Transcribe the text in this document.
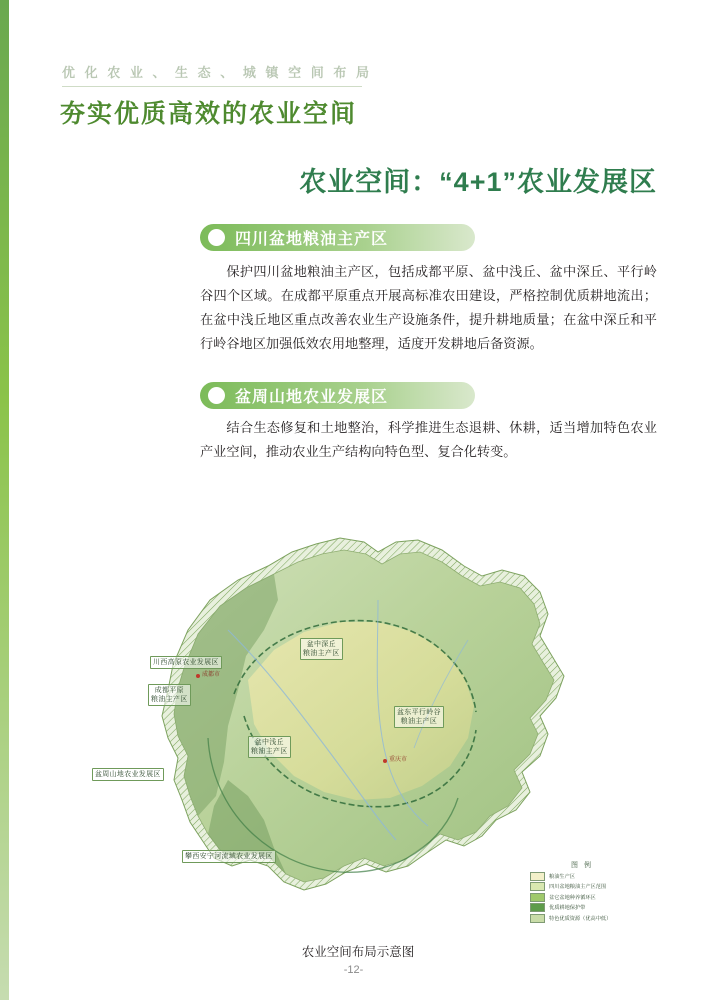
优 化 农 业 、 生 态 、 城 镇 空 间 布 局
夯实优质高效的农业空间
农业空间：“4+1”农业发展区
四川盆地粮油主产区
保护四川盆地粮油主产区，包括成都平原、盆中浅丘、盆中深丘、平行岭谷四个区域。在成都平原重点开展高标准农田建设，严格控制优质耕地流出；在盆中浅丘地区重点改善农业生产设施条件，提升耕地质量；在盆中深丘和平行岭谷地区加强低效农用地整理，适度开发耕地后备资源。
盆周山地农业发展区
结合生态修复和土地整治，科学推进生态退耕、休耕，适当增加特色农业产业空间，推动农业生产结构向特色型、复合化转变。
川西高原农业发展区
成都平原
粮油主产区
盆中深丘
粮油主产区
盆中浅丘
粮油主产区
盆东平行岭谷
粮油主产区
盆周山地农业发展区
攀西安宁河流域农业发展区
成都市
重庆市
图 例
粮油生产区
四川盆地粮油主产区范围
盆它盆地种养循环区
优质耕地保护带
特色优质资源（优高中低）
农业空间布局示意图
-12-
